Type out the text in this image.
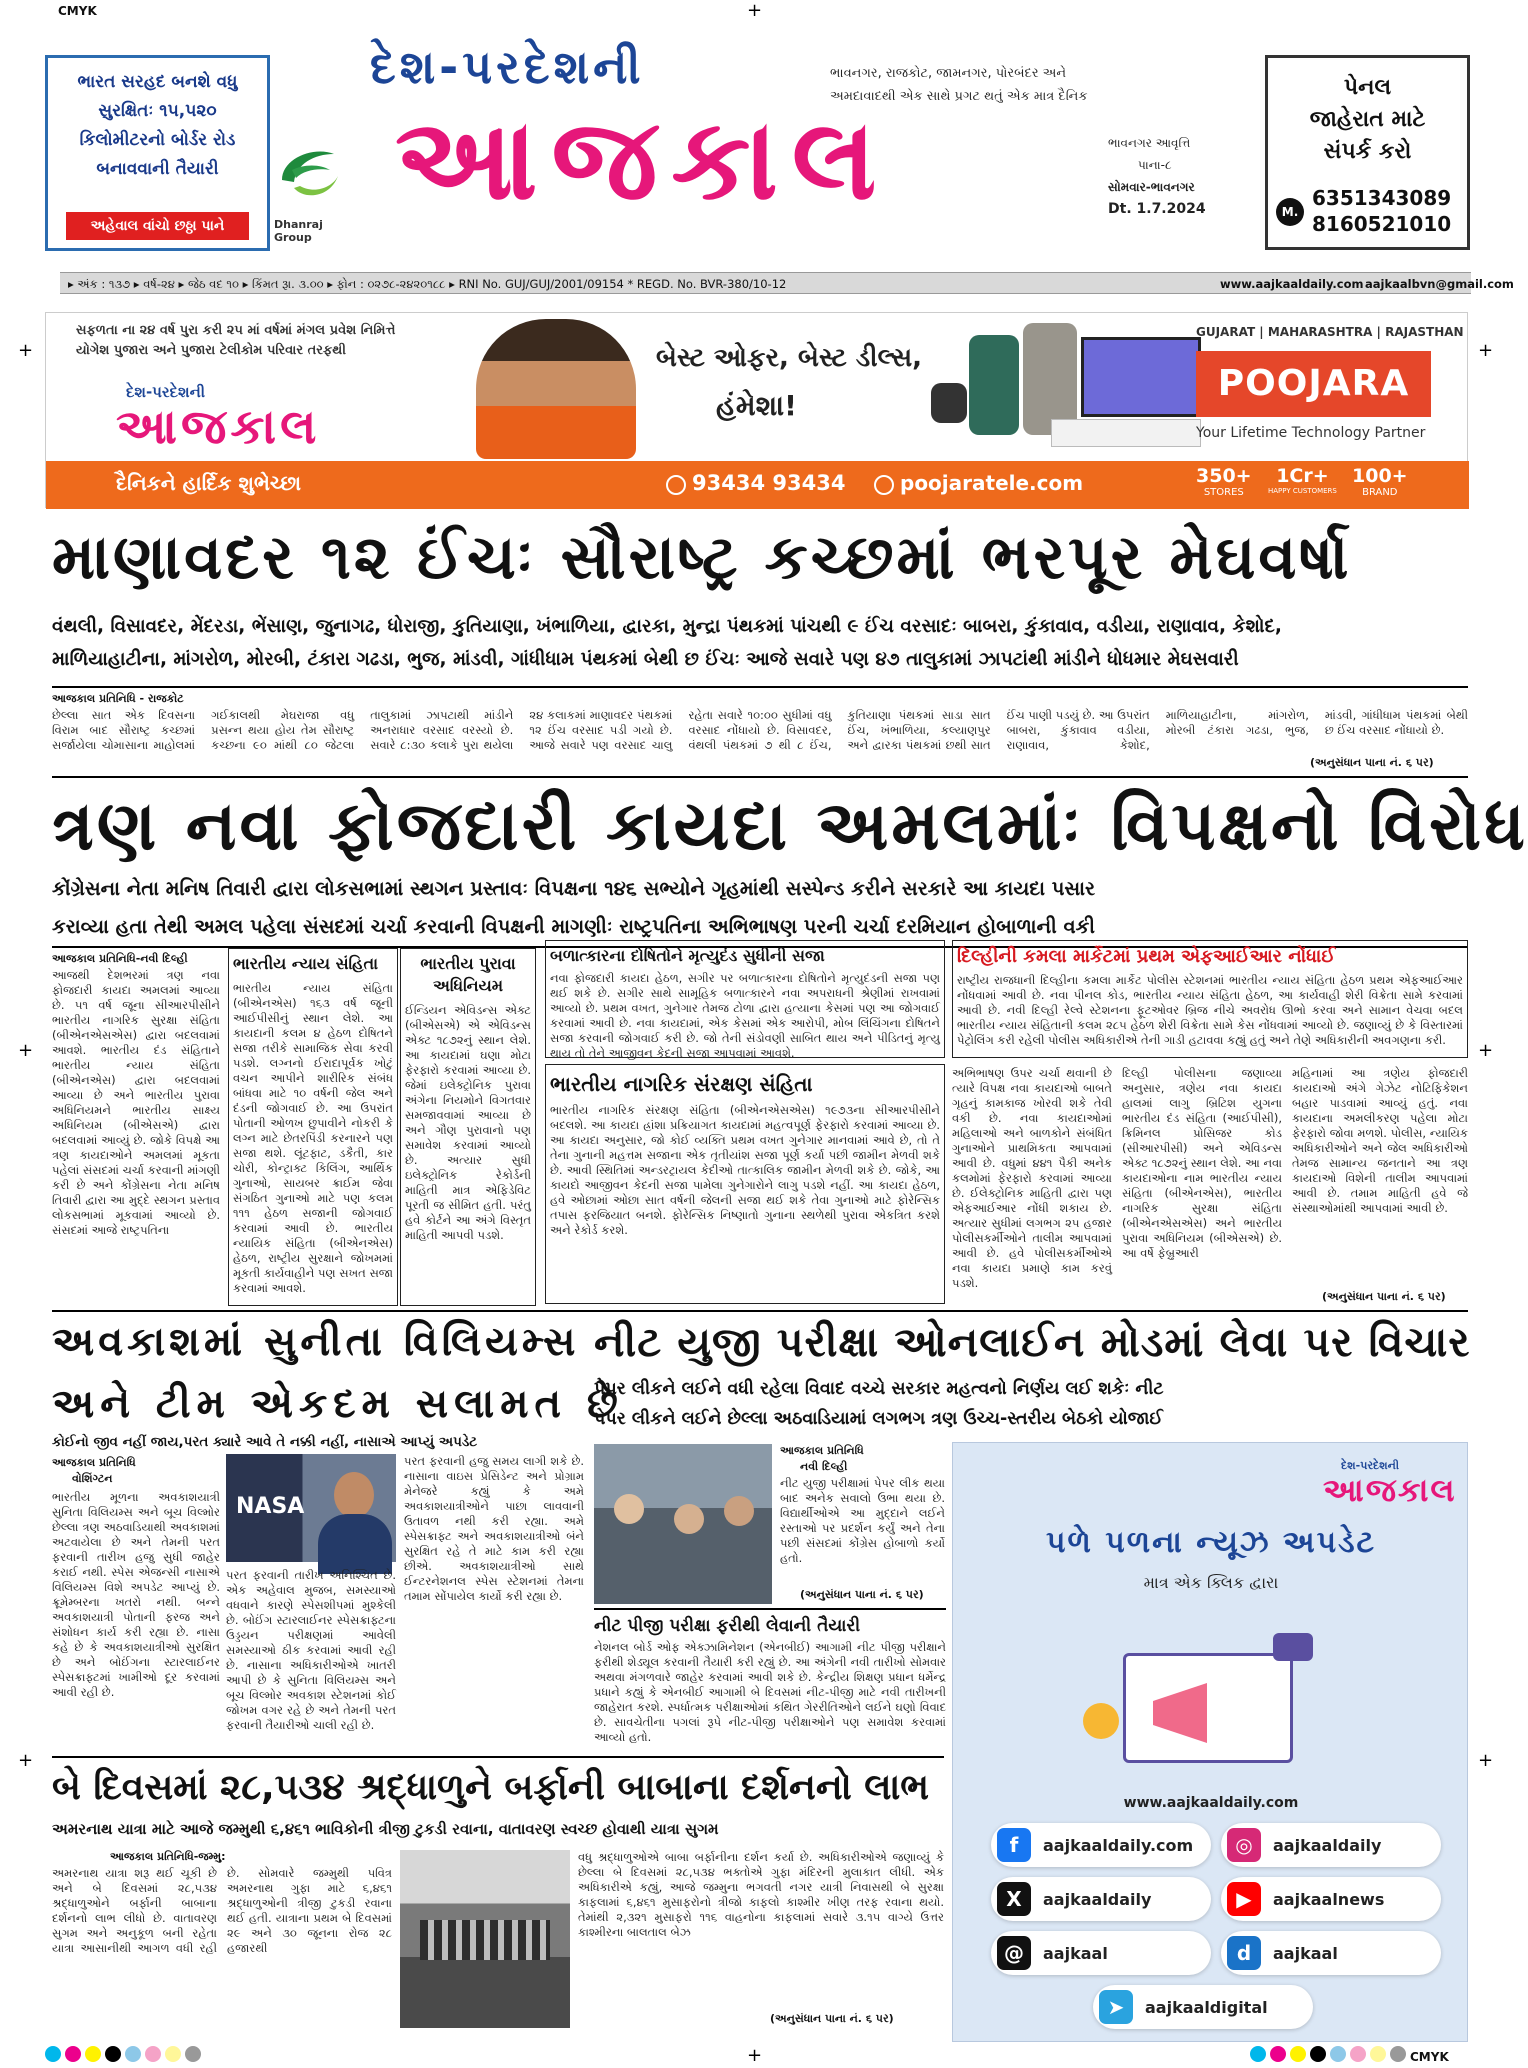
CMYK
CMYK
+
+
+
+
+
+
+
+
ભારત સરહદ બનશે વધુ
સુરક્ષિતઃ ૧૫,૫૨૦
કિલોમીટરનો બોર્ડર રોડ
બનાવવાની તૈયારી
અહેવાલ વાંચો છઠ્ઠા પાને	Dhanraj Group
દેશ-પરદેશની
આજકાલ
ભાવનગર, રાજકોટ, જામનગર, પોરબંદર અને
અમદાવાદથી એક સાથે પ્રગટ થતું એક માત્ર દૈનિક
ભાવનગર આવૃત્તિ
પાના-૮
સોમવાર-ભાવનગર
Dt. 1.7.2024
પેનલ
જાહેરાત માટે
સંપર્ક કરો
M.
6351343089
8160521010
▸ અંક : ૧૩૭ ▸ વર્ષ-૨૪ ▸ જેઠ વદ ૧૦ ▸ કિંમત રૂા. ૩.૦૦ ▸ ફોન : ૦૨૭૮-૨૪૨૦૧૮૮ ▸ RNI No. GUJ/GUJ/2001/09154 * REGD. No. BVR-380/10-12	www.aajkaaldaily.com aajkaalbvn@gmail.com
સફળતા ના ૨૪ વર્ષ પુરા કરી ૨૫ માં વર્ષમાં મંગલ પ્રવેશ નિમિત્તે
યોગેશ પુજારા અને પુજારા ટેલીકોમ પરિવાર તરફથી
દેશ-પરદેશની
આજકાલ
બેસ્ટ ઓફર, બેસ્ટ ડીલ્સ,
હંમેશા!
GUJARAT | MAHARASHTRA | RAJASTHAN
POOJARA
Your Lifetime Technology Partner
દૈનિકને હાર્દિક શુભેચ્છા	93434 93434	poojaratele.com	350+
STORES
1Cr+
HAPPY CUSTOMERS
100+
BRAND
માણાવદર ૧૨ ઈંચઃ સૌરાષ્ટ્ર કચ્છમાં ભરપૂર મેઘવર્ષા
વંથલી, વિસાવદર, મેંદરડા, ભેંસાણ, જુનાગઢ, ધોરાજી, કુતિયાણા, ખંભાળિયા, દ્વારકા, મુન્દ્રા પંથકમાં પાંચથી ૯ ઈંચ વરસાદઃ બાબરા, કુંકાવાવ, વડીયા, રાણાવાવ, કેશોદ,
માળિયાહાટીના, માંગરોળ, મોરબી, ટંકારા ગઢડા, ભુજ, માંડવી, ગાંધીધામ પંથકમાં બેથી છ ઈંચઃ આજે સવારે પણ ૪૭ તાલુકામાં ઝાપટાંથી માંડીને ધોધમાર મેઘસવારી
આજકાલ પ્રતિનિધિ - રાજકોટ
છેલ્લા સાત એક દિવસના વિરામ બાદ સૌરાષ્ટ્ર કચ્છમાં સર્જાયેલા ચોમાસાના માહોલમાં ગઈકાલથી મેઘરાજા વધુ પ્રસન્ન થયા હોય તેમ સૌરાષ્ટ્ર કચ્છના ૯૦ માંથી ૮૦ જેટલા તાલુકામાં ઝાપટાથી માંડીને અનરાધાર વરસાદ વરસ્યો છે. સવારે ૮:૩૦ કલાકે પુરા થયેલા ૨૪ કલાકમાં માણાવદર પંથકમાં ૧૨ ઈંચ વરસાદ પડી ગયો છે. આજે સવારે પણ વરસાદ ચાલુ રહેતા સવારે ૧૦:૦૦ સુધીમાં વધુ વરસાદ નોંધાયો છે. વિસાવદર, વંથલી પંથકમાં ૭ થી ૮ ઈંચ, કુતિયાણા પંથકમાં સાડા સાત ઈંચ, ખંભાળિયા, કલ્યાણપુર અને દ્વારકા પંથકમાં છથી સાત ઈંચ પાણી પડયું છે. આ ઉપરાંત બાબરા, કુંકાવાવ વડીયા, રાણાવાવ, કેશોદ, માળિયાહાટીના, માંગરોળ, મોરબી ટંકારા ગઢડા, ભુજ, માંડવી, ગાંધીધામ પંથકમાં બેથી છ ઈંચ વરસાદ નોંધાયો છે.
(અનુસંધાન પાના નં. ૬ પર)
ત્રણ નવા ફોજદારી કાયદા અમલમાંઃ વિપક્ષનો વિરોધ
કોંગ્રેસના નેતા મનિષ તિવારી દ્વારા લોકસભામાં સ્થગન પ્રસ્તાવઃ વિપક્ષના ૧૪૬ સભ્યોને ગૃહમાંથી સસ્પેન્ડ કરીને સરકારે આ કાયદા પસાર
કરાવ્યા હતા તેથી અમલ પહેલા સંસદમાં ચર્ચા કરવાની વિપક્ષની માગણીઃ રાષ્ટ્રપતિના અભિભાષણ પરની ચર્ચા દરમિયાન હોબાળાની વકી
આજકાલ પ્રતિનિધિ-નવી દિલ્હી
આજથી દેશભરમાં ત્રણ નવા ફોજદારી કાયદા અમલમાં આવ્યા છે. ૫૧ વર્ષ જૂના સીઆરપીસીને ભારતીય નાગરિક સુરક્ષા સંહિતા (બીએનએસએસ) દ્વારા બદલવામાં આવશે. ભારતીય દંડ સંહિતાને ભારતીય ન્યાય સંહિતા (બીએનએસ) દ્વારા બદલવામાં આવ્યા છે અને ભારતીય પુરાવા અધિનિયમને ભારતીય સાક્ષ્ય અધિનિયમ (બીએસએ) દ્વારા બદલવામાં આવ્યું છે. જોકે વિપક્ષે આ ત્રણ કાયદાઓને અમલમાં મૂકતા પહેલાં સંસદમાં ચર્ચા કરવાની માંગણી કરી છે અને કોંગ્રેસના નેતા મનિષ તિવારી દ્વારા આ મુદ્દે સ્થગન પ્રસ્તાવ લોકસભામાં મૂકવામાં આવ્યો છે. સંસદમાં આજે રાષ્ટ્રપતિના
ભારતીય ન્યાય સંહિતા
ભારતીય ન્યાય સંહિતા (બીએનએસ) ૧૬૩ વર્ષ જૂની આઈપીસીનું સ્થાન લેશે. આ કાયદાની કલમ ૪ હેઠળ દોષિતને સજા તરીકે સામાજિક સેવા કરવી પડશે. લગ્નનો ઈરાદાપૂર્વક ખોટું વચન આપીને શારીરિક સંબંધ બાંધવા માટે ૧૦ વર્ષની જેલ અને દંડની જોગવાઈ છે. આ ઉપરાંત પોતાની ઓળખ છુપાવીને નોકરી કે લગ્ન માટે છેતરપિંડી કરનારને પણ સજા થશે. લૂંટફાટ, ડકૈતી, કાર ચોરી, કોન્ટ્રાક્ટ કિલિંગ, આર્થિક ગુનાઓ, સાયબર ક્રાઈમ જેવા સંગઠિત ગુનાઓ માટે પણ કલમ ૧૧૧ હેઠળ સજાની જોગવાઈ કરવામાં આવી છે. ભારતીય ન્યાયિક સંહિતા (બીએનએસ) હેઠળ, રાષ્ટ્રીય સુરક્ષાને જોખમમાં મૂકતી કાર્યવાહીને પણ સખત સજા કરવામાં આવશે.
ભારતીય પુરાવા અધિનિયમ
ઈન્ડિયન એવિડન્સ એક્ટ (બીએસએ) એ એવિડન્સ એક્ટ ૧૮૭૨નું સ્થાન લેશે. આ કાયદામાં ઘણા મોટા ફેરફારો કરવામાં આવ્યા છે. જેમાં ઇલેક્ટ્રોનિક પુરાવા અંગેના નિયમોને વિગતવાર સમજાવવામાં આવ્યા છે અને ગૌણ પુરાવાનો પણ સમાવેશ કરવામાં આવ્યો છે. અત્યાર સુધી ઇલેક્ટ્રોનિક રેકોર્ડની માહિતી માત્ર એફિડેવિટ પૂરતી જ સીમિત હતી. પરંતુ હવે કોર્ટને આ અંગે વિસ્તૃત માહિતી આપવી પડશે.
બળાત્કારના દોષિતોને મૃત્યુદંડ સુધીની સજા
નવા ફોજદારી કાયદા હેઠળ, સગીર પર બળાત્કારના દોષિતોને મૃત્યુદંડની સજા પણ થઈ શકે છે. સગીર સાથે સામૂહિક બળાત્કારને નવા અપરાધની શ્રેણીમાં રાખવામાં આવ્યો છે. પ્રથમ વખત, ગુનેગાર તેમજ ટોળા દ્વારા હત્યાના કેસમાં પણ આ જોગવાઈ કરવામાં આવી છે. નવા કાયદામાં, એક કેસમાં એક આરોપી, મોબ લિંચિંગના દોષિતને સજા કરવાની જોગવાઈ કરી છે. જો તેની સંડોવણી સાબિત થાય અને પીડિતનું મૃત્યુ થાય તો તેને આજીવન કેદની સજા આપવામાં આવશે.
ભારતીય નાગરિક સંરક્ષણ સંહિતા
ભારતીય નાગરિક સંરક્ષણ સંહિતા (બીએનએસએસ) ૧૯૭૩ના સીઆરપીસીને બદલશે. આ કાયદા હ્રાંશા પ્રક્રિયાગત કાયદામાં મહત્વપૂર્ણ ફેરફારો કરવામાં આવ્યા છે. આ કાયદા અનુસાર, જો કોઈ વ્યક્તિ પ્રથમ વખત ગુનેગાર માનવામાં આવે છે, તો તે તેના ગુનાની મહત્તમ સજાના એક તૃતીયાંશ સજા પૂર્ણ કર્યા પછી જામીન મેળવી શકે છે. આવી સ્થિતિમાં અન્ડરટ્રાયલ કેદીઓ તાત્કાલિક જામીન મેળવી શકે છે. જોકે, આ કાયદો આજીવન કેદની સજા પામેલા ગુનેગારોને લાગુ પડશે નહીં. આ કાયદા હેઠળ, હવે ઓછામાં ઓછા સાત વર્ષની જેલની સજા થઈ શકે તેવા ગુનાઓ માટે ફોરેન્સિક તપાસ ફરજિયાત બનશે. ફોરેન્સિક નિષ્ણાતો ગુનાના સ્થળેથી પુરાવા એકત્રિત કરશે અને રેકોર્ડ કરશે.
દિલ્હીની કમલા માર્કેટમાં પ્રથમ એફઆઈઆર નોંધાઈ
રાષ્ટ્રીય રાજધાની દિલ્હીના કમલા માર્કેટ પોલીસ સ્ટેશનમાં ભારતીય ન્યાય સંહિતા હેઠળ પ્રથમ એફઆઈઆર નોંધવામાં આવી છે. નવા પીનલ કોડ, ભારતીય ન્યાય સંહિતા હેઠળ, આ કાર્યવાહી શેરી વિક્રેતા સામે કરવામાં આવી છે. નવી દિલ્હી રેલ્વે સ્ટેશનના ફૂટઓવર બ્રિજ નીચે અવરોધ ઊભો કરવા અને સામાન વેચવા બદલ ભારતીય ન્યાય સંહિતાની કલમ ૨૮૫ હેઠળ શેરી વિક્રેતા સામે કેસ નોંધવામાં આવ્યો છે. જણાવ્યું છે કે વિસ્તારમાં પેટ્રોલિંગ કરી રહેલી પોલીસ અધિકારીએ તેની ગાડી હટાવવા કહ્યું હતું અને તેણે અધિકારીની અવગણના કરી.
અભિભાષણ ઉપર ચર્ચા થવાની છે ત્યારે વિપક્ષ નવા કાયદાઓ બાબતે ગૃહનું કામકાજ ખોરવી શકે તેવી વકી છે. નવા કાયદાઓમાં મહિલાઓ અને બાળકોને સંબંધિત ગુનાઓને પ્રાથમિકતા આપવામાં આવી છે. વધુમાં ૪૪૧ પૈકી અનેક કલમોમાં ફેરફારો કરવામાં આવ્યા છે. ઈલેક્ટ્રોનિક માહિતી દ્વારા પણ એફઆઈઆર નોંધી શકાય છે. અત્યાર સુધીમાં લગભગ ૨૫ હજાર પોલીસકર્મીઓને તાલીમ આપવામાં આવી છે. હવે પોલીસકર્મીઓએ નવા કાયદા પ્રમાણે કામ કરવું પડશે.
દિલ્હી પોલીસના જણાવ્યા અનુસાર, ત્રણેય નવા કાયદા હાલમાં લાગુ બ્રિટિશ યુગના ભારતીય દંડ સંહિતા (આઈપીસી), ક્રિમિનલ પ્રોસિજર કોડ (સીઆરપીસી) અને એવિડન્સ એક્ટ ૧૮૭૨નું સ્થાન લેશે. આ નવા કાયદાઓના નામ ભારતીય ન્યાય સંહિતા (બીએનએસ), ભારતીય નાગરિક સુરક્ષા સંહિતા (બીએનએસએસ) અને ભારતીય પુરાવા અધિનિયમ (બીએસએ) છે. આ વર્ષે ફેબ્રુઆરી
મહિનામાં આ ત્રણેય ફોજદારી કાયદાઓ અંગે ગેઝેટ નોટિફિકેશન બહાર પાડવામાં આવ્યું હતું. નવા કાયદાના અમલીકરણ પહેલા મોટા ફેરફારો જોવા મળશે. પોલીસ, ન્યાયિક અધિકારીઓને અને જેલ અધિકારીઓ તેમજ સામાન્ય જનતાને આ ત્રણ કાયદાઓ વિશેની તાલીમ આપવામાં આવી છે. તમામ માહિતી હવે જે સંસ્થાઓમાંથી આપવામાં આવી છે.
(અનુસંધાન પાના નં. ૬ પર)
અવકાશમાં સુનીતા વિલિયમ્સ
અને ટીમ એકદમ સલામત છે
કોઈનો જીવ નહીં જાય,પરત ક્યારે આવે તે નક્કી નહીં, નાસાએ આપ્યું અપડેટ
આજકાલ પ્રતિનિધિ
વોશિંગ્ટન
ભારતીય મૂળના અવકાશયાત્રી સુનિતા વિલિયમ્સ અને બૂચ વિલ્મોર છેલ્લા ત્રણ અઠવાડિયાથી અવકાશમાં અટવાયેલા છે અને તેમની પરત ફરવાની તારીખ હજુ સુધી જાહેર કરાઈ નથી. સ્પેસ એજન્સી નાસાએ વિલિયમ્સ વિશે અપડેટ આપ્યું છે. ક્રૂમેમ્બરના ખતરો નથી. બન્ને અવકાશયાત્રી પોતાની ફરજ અને સંશોધન કાર્ય કરી રહ્યા છે. નાસા કહે છે કે અવકાશયાત્રીઓ સુરક્ષિત છે અને બોઈંગના સ્ટારલાઈનર સ્પેસક્રાફ્ટમાં ખામીઓ દૂર કરવામાં આવી રહી છે.
NASA
પરત ફરવાની તારીખ અનિશ્ચિત છે. એક અહેવાલ મુજબ, સમસ્યાઓ વધવાને કારણે સ્પેસશીપમાં મુશ્કેલી છે. બોઈંગ સ્ટારલાઈનર સ્પેસક્રાફ્ટના ઉડ્ડયન પરીક્ષણમાં આવેલી સમસ્યાઓ ઠીક કરવામાં આવી રહી છે. નાસાના અધિકારીઓએ ખાતરી આપી છે કે સુનિતા વિલિયમ્સ અને બૂચ વિલ્મોર અવકાશ સ્ટેશનમાં કોઈ જોખમ વગર રહે છે અને તેમની પરત ફરવાની તૈયારીઓ ચાલી રહી છે.
પરત ફરવાની હજુ સમય લાગી શકે છે. નાસાના વાઇસ પ્રેસિડેન્ટ અને પ્રોગ્રામ મેનેજરે કહ્યું કે અમે અવકાશયાત્રીઓને પાછા લાવવાની ઉતાવળ નથી કરી રહ્યા. અમે સ્પેસક્રાફ્ટ અને અવકાશયાત્રીઓ બંને સુરક્ષિત રહે તે માટે કામ કરી રહ્યા છીએ. અવકાશયાત્રીઓ સાથે ઈન્ટરનેશનલ સ્પેસ સ્ટેશનમાં તેમના તમામ સોંપાયેલ કાર્યો કરી રહ્યા છે.
નીટ યુજી પરીક્ષા ઓનલાઈન મોડમાં લેવા પર વિચાર
પેપર લીકને લઈને વધી રહેલા વિવાદ વચ્ચે સરકાર મહત્વનો નિર્ણય લઈ શકેઃ નીટ
પેપર લીકને લઈને છેલ્લા અઠવાડિયામાં લગભગ ત્રણ ઉચ્ચ-સ્તરીય બેઠકો યોજાઈ
આજકાલ પ્રતિનિધિ
નવી દિલ્હી
નીટ યુજી પરીક્ષામાં પેપર લીક થયા બાદ અનેક સવાલો ઉભા થયા છે. વિદ્યાર્થીઓએ આ મુદ્દાને લઈને રસ્તાઓ પર પ્રદર્શન કર્યું અને તેના પછી સંસદમાં કોંગ્રેસ હોબાળો કર્યો હતો.
(અનુસંધાન પાના નં. ૬ પર)
નીટ પીજી પરીક્ષા ફરીથી લેવાની તૈયારી
નેશનલ બોર્ડ ઓફ એક્ઝામિનેશન (એનબીઈ) આગામી નીટ પીજી પરીક્ષાને ફરીથી શેડ્યૂલ કરવાની તૈયારી કરી રહ્યું છે. આ અંગેની નવી તારીખો સોમવાર અથવા મંગળવારે જાહેર કરવામાં આવી શકે છે. કેન્દ્રીય શિક્ષણ પ્રધાન ધર્મેન્દ્ર પ્રધાને કહ્યું કે એનબીઈ આગામી બે દિવસમાં નીટ-પીજી માટે નવી તારીખની જાહેરાત કરશે. સ્પર્ધાત્મક પરીક્ષાઓમાં કથિત ગેરરીતિઓને લઈને ઘણો વિવાદ છે. સાવચેતીના પગલાં રૂપે નીટ-પીજી પરીક્ષાઓને પણ સમાવેશ કરવામાં આવ્યો હતો.
દેશ-પરદેશની
આજકાલ
પળે પળના ન્યૂઝ અપડેટ
માત્ર એક ક્લિક દ્વારા
www.aajkaaldaily.com
f	aajkaaldaily.com	◎	aajkaaldaily
X	aajkaaldaily	▶	aajkaalnews
@	aajkaal	d	aajkaal
➤	aajkaaldigital
બે દિવસમાં ૨૮,૫૩૪ શ્રદ્ધાળુને બર્ફાની બાબાના દર્શનનો લાભ
અમરનાથ યાત્રા માટે આજે જમ્મુથી ૬,૪૬૧ ભાવિકોની ત્રીજી ટુકડી રવાના, વાતાવરણ સ્વચ્છ હોવાથી યાત્રા સુગમ
આજકાલ પ્રતિનિધિ-જમ્મુ:
અમરનાથ યાત્રા શરૂ થઈ ચૂકી છે અને બે દિવસમાં ૨૮,૫૩૪ શ્રદ્ધાળુઓને બર્ફાની બાબાના દર્શનનો લાભ લીધો છે. વાતાવરણ સુગમ અને અનુકૂળ બની રહેતા યાત્રા આસાનીથી આગળ વધી રહી છે. સોમવારે જમ્મુથી પવિત્ર અમરનાથ ગુફા માટે ૬,૪૬૧ શ્રદ્ધાળુઓની ત્રીજી ટુકડી રવાના થઈ હતી. યાત્રાના પ્રથમ બે દિવસમાં ૨૯ અને ૩૦ જૂનના રોજ ૨૮ હજારથી
વધુ શ્રદ્ધાળુઓએ બાબા બર્ફાનીના દર્શન કર્યા છે. અધિકારીઓએ જણાવ્યું કે છેલ્લા બે દિવસમાં ૨૮,૫૩૪ ભક્તોએ ગુફા મંદિરની મુલાકાત લીધી. એક અધિકારીએ કહ્યું, આજે જમ્મુના ભગવતી નગર યાત્રી નિવાસથી બે સુરક્ષા કાફલામાં ૬,૪૬૧ મુસાફરોનો ત્રીજો કાફલો કાશ્મીર ખીણ તરફ રવાના થયો. તેમાંથી ૨,૩૨૧ મુસાફરો ૧૧૬ વાહનોના કાફલામાં સવારે ૩.૧૫ વાગ્યે ઉત્તર કાશ્મીરના બાલતાલ બેઝ
(અનુસંધાન પાના નં. ૬ પર)
